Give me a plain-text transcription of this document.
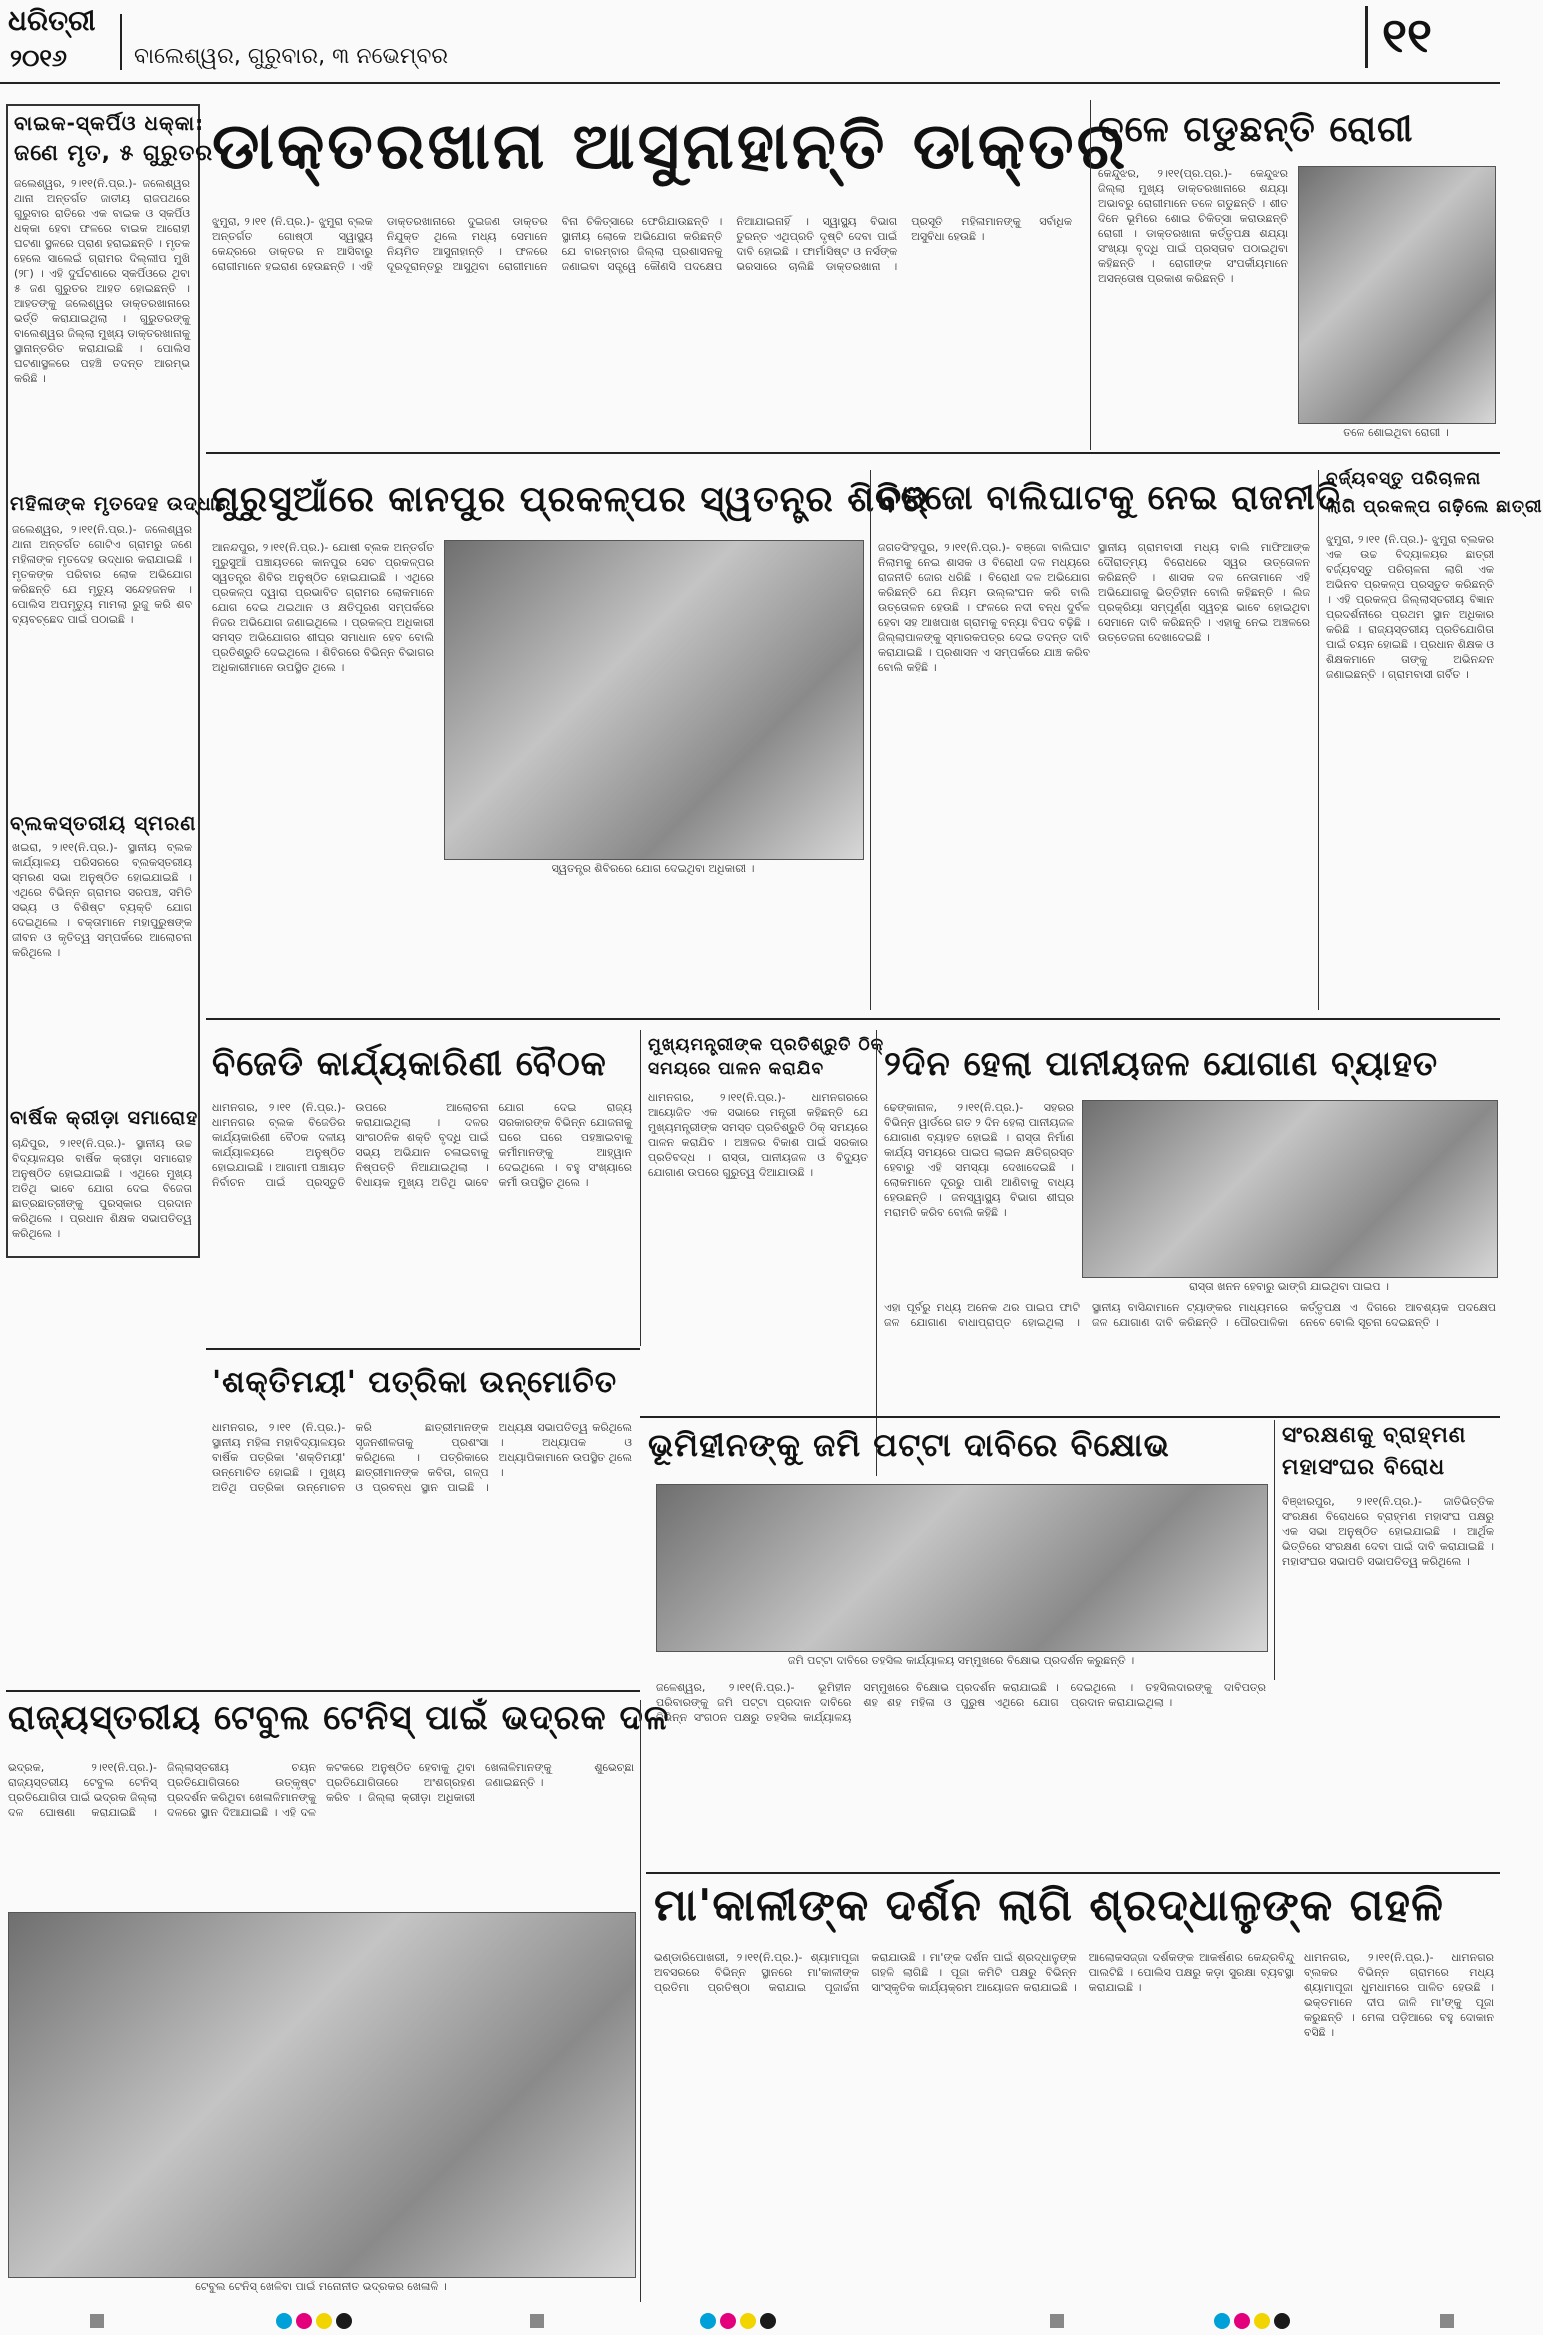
ଧରିତ୍ରୀ
୨୦୧୬	ବାଲେଶ୍ୱର, ଗୁରୁବାର, ୩ ନଭେମ୍ବର	୧୧
ବାଇକ-ସ୍କର୍ପିଓ ଧକ୍କା:
ଜଣେ ମୃତ, ୫ ଗୁରୁତର
ଜଲେଶ୍ୱର, ୨।୧୧(ନି.ପ୍ର.)- ଜଲେଶ୍ୱର ଥାନା ଅନ୍ତର୍ଗତ ଜାତୀୟ ରାଜପଥରେ ଗୁରୁବାର ରାତିରେ ଏକ ବାଇକ ଓ ସ୍କର୍ପିଓ ଧକ୍କା ହେବା ଫଳରେ ବାଇକ ଆରୋହୀ ଘଟଣା ସ୍ଥଳରେ ପ୍ରାଣ ହରାଇଛନ୍ତି । ମୃତକ ହେଲେ ସାଲେଇଁ ଗ୍ରାମର ଦିଲ୍ଲୀପ ମୁଖି (୨୮) । ଏହି ଦୁର୍ଘଟଣାରେ ସ୍କର୍ପିଓରେ ଥିବା ୫ ଜଣ ଗୁରୁତର ଆହତ ହୋଇଛନ୍ତି । ଆହତଙ୍କୁ ଜଲେଶ୍ୱର ଡାକ୍ତରଖାନାରେ ଭର୍ତ୍ତି କରାଯାଇଥିଲା । ଗୁରୁତରଙ୍କୁ ବାଲେଶ୍ୱର ଜିଲ୍ଲା ମୁଖ୍ୟ ଡାକ୍ତରଖାନାକୁ ସ୍ଥାନାନ୍ତରିତ କରାଯାଇଛି । ପୋଲିସ ଘଟଣାସ୍ଥଳରେ ପହଞ୍ଚି ତଦନ୍ତ ଆରମ୍ଭ କରିଛି ।
ମହିଳାଙ୍କ ମୃତଦେହ ଉଦ୍ଧାର
ଜଲେଶ୍ୱର, ୨।୧୧(ନି.ପ୍ର.)- ଜଲେଶ୍ୱର ଥାନା ଅନ୍ତର୍ଗତ ଗୋଟିଏ ଗ୍ରାମରୁ ଜଣେ ମହିଳାଙ୍କ ମୃତଦେହ ଉଦ୍ଧାର କରାଯାଇଛି । ମୃତକଙ୍କ ପରିବାର ଲୋକ ଅଭିଯୋଗ କରିଛନ୍ତି ଯେ ମୃତ୍ୟୁ ସନ୍ଦେହଜନକ । ପୋଲିସ ଅପମୃତ୍ୟୁ ମାମଲା ରୁଜୁ କରି ଶବ ବ୍ୟବଚ୍ଛେଦ ପାଇଁ ପଠାଇଛି ।
ବ୍ଲକସ୍ତରୀୟ ସ୍ମରଣ
ଖଇରା, ୨।୧୧(ନି.ପ୍ର.)- ସ୍ଥାନୀୟ ବ୍ଲକ କାର୍ଯ୍ୟାଳୟ ପରିସରରେ ବ୍ଲକସ୍ତରୀୟ ସ୍ମରଣ ସଭା ଅନୁଷ୍ଠିତ ହୋଇଯାଇଛି । ଏଥିରେ ବିଭିନ୍ନ ଗ୍ରାମର ସରପଞ୍ଚ, ସମିତି ସଭ୍ୟ ଓ ବିଶିଷ୍ଟ ବ୍ୟକ୍ତି ଯୋଗ ଦେଇଥିଲେ । ବକ୍ତାମାନେ ମହାପୁରୁଷଙ୍କ ଜୀବନ ଓ କୃତିତ୍ୱ ସମ୍ପର୍କରେ ଆଲୋଚନା କରିଥିଲେ ।
ବାର୍ଷିକ କ୍ରୀଡ଼ା ସମାରୋହ
ଚାନ୍ଦିପୁର, ୨।୧୧(ନି.ପ୍ର.)- ସ୍ଥାନୀୟ ଉଚ୍ଚ ବିଦ୍ୟାଳୟର ବାର୍ଷିକ କ୍ରୀଡ଼ା ସମାରୋହ ଅନୁଷ୍ଠିତ ହୋଇଯାଇଛି । ଏଥିରେ ମୁଖ୍ୟ ଅତିଥି ଭାବେ ଯୋଗ ଦେଇ ବିଜେତା ଛାତ୍ରଛାତ୍ରୀଙ୍କୁ ପୁରସ୍କାର ପ୍ରଦାନ କରିଥିଲେ । ପ୍ରଧାନ ଶିକ୍ଷକ ସଭାପତିତ୍ୱ କରିଥିଲେ ।
ଡାକ୍ତରଖାନା ଆସୁନାହାନ୍ତି ଡାକ୍ତର
ଝୁମୁରା, ୨।୧୧ (ନି.ପ୍ର.)- ଝୁମୁରା ବ୍ଲକ ଅନ୍ତର୍ଗତ ଗୋଷ୍ଠୀ ସ୍ୱାସ୍ଥ୍ୟ କେନ୍ଦ୍ରରେ ଡାକ୍ତର ନ ଆସିବାରୁ ରୋଗୀମାନେ ହଇରାଣ ହେଉଛନ୍ତି । ଏହି ଡାକ୍ତରଖାନାରେ ଦୁଇଜଣ ଡାକ୍ତର ନିଯୁକ୍ତ ଥିଲେ ମଧ୍ୟ ସେମାନେ ନିୟମିତ ଆସୁନାହାନ୍ତି । ଫଳରେ ଦୂରଦୂରାନ୍ତରୁ ଆସୁଥିବା ରୋଗୀମାନେ ବିନା ଚିକିତ୍ସାରେ ଫେରିଯାଉଛନ୍ତି । ସ୍ଥାନୀୟ ଲୋକେ ଅଭିଯୋଗ କରିଛନ୍ତି ଯେ ବାରମ୍ବାର ଜିଲ୍ଲା ପ୍ରଶାସନକୁ ଜଣାଇବା ସତ୍ତ୍ୱେ କୌଣସି ପଦକ୍ଷେପ ନିଆଯାଇନାହିଁ । ସ୍ୱାସ୍ଥ୍ୟ ବିଭାଗ ତୁରନ୍ତ ଏଥିପ୍ରତି ଦୃଷ୍ଟି ଦେବା ପାଇଁ ଦାବି ହୋଇଛି । ଫାର୍ମାସିଷ୍ଟ ଓ ନର୍ସଙ୍କ ଭରସାରେ ଚାଲିଛି ଡାକ୍ତରଖାନା । ପ୍ରସୂତି ମହିଳାମାନଙ୍କୁ ସର୍ବାଧିକ ଅସୁବିଧା ହେଉଛି ।
ତଳେ ଗଡୁଛନ୍ତି ରୋଗୀ
କେନ୍ଦୁଝର, ୨।୧୧(ପ୍ର.ପ୍ର.)- କେନ୍ଦୁଝର ଜିଲ୍ଲା ମୁଖ୍ୟ ଡାକ୍ତରଖାନାରେ ଶଯ୍ୟା ଅଭାବରୁ ରୋଗୀମାନେ ତଳେ ଗଡୁଛନ୍ତି । ଶୀତ ଦିନେ ଭୂମିରେ ଶୋଇ ଚିକିତ୍ସା କରାଉଛନ୍ତି ରୋଗୀ । ଡାକ୍ତରଖାନା କର୍ତ୍ତୃପକ୍ଷ ଶଯ୍ୟା ସଂଖ୍ୟା ବୃଦ୍ଧି ପାଇଁ ପ୍ରସ୍ତାବ ପଠାଇଥିବା କହିଛନ୍ତି । ରୋଗୀଙ୍କ ସଂପର୍କୀୟମାନେ ଅସନ୍ତୋଷ ପ୍ରକାଶ କରିଛନ୍ତି ।
ତଳେ ଶୋଇଥିବା ରୋଗୀ ।
ମୁରୁସୁଆଁରେ କାନପୁର ପ୍ରକଳ୍ପର ସ୍ୱତନ୍ତ୍ର ଶିବିର
ଆନନ୍ଦପୁର, ୨।୧୧(ନି.ପ୍ର.)- ଯୋଷୀ ବ୍ଲକ ଅନ୍ତର୍ଗତ ମୁରୁସୁଆଁ ପଞ୍ଚାୟତରେ କାନପୁର ସେଚ ପ୍ରକଳ୍ପର ସ୍ୱତନ୍ତ୍ର ଶିବିର ଅନୁଷ୍ଠିତ ହୋଇଯାଇଛି । ଏଥିରେ ପ୍ରକଳ୍ପ ଦ୍ୱାରା ପ୍ରଭାବିତ ଗ୍ରାମର ଲୋକମାନେ ଯୋଗ ଦେଇ ଥଇଥାନ ଓ କ୍ଷତିପୂରଣ ସମ୍ପର୍କରେ ନିଜର ଅଭିଯୋଗ ଜଣାଇଥିଲେ । ପ୍ରକଳ୍ପ ଅଧିକାରୀ ସମସ୍ତ ଅଭିଯୋଗର ଶୀଘ୍ର ସମାଧାନ ହେବ ବୋଲି ପ୍ରତିଶ୍ରୁତି ଦେଇଥିଲେ । ଶିବିରରେ ବିଭିନ୍ନ ବିଭାଗର ଅଧିକାରୀମାନେ ଉପସ୍ଥିତ ଥିଲେ ।
ସ୍ୱତନ୍ତ୍ର ଶିବିରରେ ଯୋଗ ଦେଇଥିବା ଅଧିକାରୀ ।
ବଞ୍ଜୋ ବାଲିଘାଟକୁ ନେଇ ରାଜନୀତି
ଜଗତସିଂହପୁର, ୨।୧୧(ନି.ପ୍ର.)- ବଞ୍ଜୋ ବାଲିଘାଟ ନିଲାମକୁ ନେଇ ଶାସକ ଓ ବିରୋଧୀ ଦଳ ମଧ୍ୟରେ ରାଜନୀତି ଜୋର ଧରିଛି । ବିରୋଧୀ ଦଳ ଅଭିଯୋଗ କରିଛନ୍ତି ଯେ ନିୟମ ଉଲ୍ଲଂଘନ କରି ବାଲି ଉତ୍ତୋଳନ ହେଉଛି । ଫଳରେ ନଦୀ ବନ୍ଧ ଦୁର୍ବଳ ହେବା ସହ ଆଖପାଖ ଗ୍ରାମକୁ ବନ୍ୟା ବିପଦ ବଢ଼ିଛି । ଜିଲ୍ଲାପାଳଙ୍କୁ ସ୍ମାରକପତ୍ର ଦେଇ ତଦନ୍ତ ଦାବି କରାଯାଇଛି । ପ୍ରଶାସନ ଏ ସମ୍ପର୍କରେ ଯାଞ୍ଚ କରିବ ବୋଲି କହିଛି ।
ସ୍ଥାନୀୟ ଗ୍ରାମବାସୀ ମଧ୍ୟ ବାଲି ମାଫିଆଙ୍କ ଦୌରାତ୍ମ୍ୟ ବିରୋଧରେ ସ୍ୱର ଉତ୍ତୋଳନ କରିଛନ୍ତି । ଶାସକ ଦଳ ନେତାମାନେ ଏହି ଅଭିଯୋଗକୁ ଭିତ୍ତିହୀନ ବୋଲି କହିଛନ୍ତି । ଲିଜ ପ୍ରକ୍ରିୟା ସମ୍ପୂର୍ଣ୍ଣ ସ୍ୱଚ୍ଛ ଭାବେ ହୋଇଥିବା ସେମାନେ ଦାବି କରିଛନ୍ତି । ଏହାକୁ ନେଇ ଅଞ୍ଚଳରେ ଉତ୍ତେଜନା ଦେଖାଦେଇଛି ।
ବର୍ଜ୍ୟବସ୍ତୁ ପରିଚାଳନା
ଲାଗି ପ୍ରକଳ୍ପ ଗଢ଼ିଲେ ଛାତ୍ରୀ
ଝୁମୁରା, ୨।୧୧ (ନି.ପ୍ର.)- ଝୁମୁରା ବ୍ଲକର ଏକ ଉଚ୍ଚ ବିଦ୍ୟାଳୟର ଛାତ୍ରୀ ବର୍ଜ୍ୟବସ୍ତୁ ପରିଚାଳନା ଲାଗି ଏକ ଅଭିନବ ପ୍ରକଳ୍ପ ପ୍ରସ୍ତୁତ କରିଛନ୍ତି । ଏହି ପ୍ରକଳ୍ପ ଜିଲ୍ଲାସ୍ତରୀୟ ବିଜ୍ଞାନ ପ୍ରଦର୍ଶନୀରେ ପ୍ରଥମ ସ୍ଥାନ ଅଧିକାର କରିଛି । ରାଜ୍ୟସ୍ତରୀୟ ପ୍ରତିଯୋଗିତା ପାଇଁ ଚୟନ ହୋଇଛି । ପ୍ରଧାନ ଶିକ୍ଷକ ଓ ଶିକ୍ଷକମାନେ ତାଙ୍କୁ ଅଭିନନ୍ଦନ ଜଣାଇଛନ୍ତି । ଗ୍ରାମବାସୀ ଗର୍ବିତ ।
ବିଜେଡି କାର୍ଯ୍ୟକାରିଣୀ ବୈଠକ
ଧାମନଗର, ୨।୧୧ (ନି.ପ୍ର.)- ଧାମନଗର ବ୍ଲକ ବିଜେଡିର କାର୍ଯ୍ୟକାରିଣୀ ବୈଠକ ଦଳୀୟ କାର୍ଯ୍ୟାଳୟରେ ଅନୁଷ୍ଠିତ ହୋଇଯାଇଛି । ଆଗାମୀ ପଞ୍ଚାୟତ ନିର୍ବାଚନ ପାଇଁ ପ୍ରସ୍ତୁତି ଉପରେ ଆଲୋଚନା କରାଯାଇଥିଲା । ଦଳର ସାଂଗଠନିକ ଶକ୍ତି ବୃଦ୍ଧି ପାଇଁ ସଭ୍ୟ ଅଭିଯାନ ଚଳାଇବାକୁ ନିଷ୍ପତ୍ତି ନିଆଯାଇଥିଲା । ବିଧାୟକ ମୁଖ୍ୟ ଅତିଥି ଭାବେ ଯୋଗ ଦେଇ ରାଜ୍ୟ ସରକାରଙ୍କ ବିଭିନ୍ନ ଯୋଜନାକୁ ଘରେ ଘରେ ପହଞ୍ଚାଇବାକୁ କର୍ମୀମାନଙ୍କୁ ଆହ୍ୱାନ ଦେଇଥିଲେ । ବହୁ ସଂଖ୍ୟାରେ କର୍ମୀ ଉପସ୍ଥିତ ଥିଲେ ।
ମୁଖ୍ୟମନ୍ତ୍ରୀଙ୍କ ପ୍ରତିଶ୍ରୁତି ଠିକ୍
ସମୟରେ ପାଳନ କରାଯିବ
ଧାମନଗର, ୨।୧୧(ନି.ପ୍ର.)- ଧାମନଗରରେ ଆୟୋଜିତ ଏକ ସଭାରେ ମନ୍ତ୍ରୀ କହିଛନ୍ତି ଯେ ମୁଖ୍ୟମନ୍ତ୍ରୀଙ୍କ ସମସ୍ତ ପ୍ରତିଶ୍ରୁତି ଠିକ୍ ସମୟରେ ପାଳନ କରାଯିବ । ଅଞ୍ଚଳର ବିକାଶ ପାଇଁ ସରକାର ପ୍ରତିବଦ୍ଧ । ରାସ୍ତା, ପାନୀୟଜଳ ଓ ବିଦ୍ୟୁତ ଯୋଗାଣ ଉପରେ ଗୁରୁତ୍ୱ ଦିଆଯାଉଛି ।
୨ଦିନ ହେଲା ପାନୀୟଜଳ ଯୋଗାଣ ବ୍ୟାହତ
ଢେଙ୍କାନାଳ, ୨।୧୧(ନି.ପ୍ର.)- ସହରର ବିଭିନ୍ନ ୱାର୍ଡରେ ଗତ ୨ ଦିନ ହେଲା ପାନୀୟଜଳ ଯୋଗାଣ ବ୍ୟାହତ ହୋଇଛି । ରାସ୍ତା ନିର୍ମାଣ କାର୍ଯ୍ୟ ସମୟରେ ପାଇପ ଲାଇନ କ୍ଷତିଗ୍ରସ୍ତ ହେବାରୁ ଏହି ସମସ୍ୟା ଦେଖାଦେଇଛି । ଲୋକମାନେ ଦୂରରୁ ପାଣି ଆଣିବାକୁ ବାଧ୍ୟ ହେଉଛନ୍ତି । ଜନସ୍ୱାସ୍ଥ୍ୟ ବିଭାଗ ଶୀଘ୍ର ମରାମତି କରିବ ବୋଲି କହିଛି ।
ରାସ୍ତା ଖନନ ହେବାରୁ ଭାଙ୍ଗି ଯାଇଥିବା ପାଇପ ।
ଏହା ପୂର୍ବରୁ ମଧ୍ୟ ଅନେକ ଥର ପାଇପ ଫାଟି ଜଳ ଯୋଗାଣ ବାଧାପ୍ରାପ୍ତ ହୋଇଥିଲା । ସ୍ଥାନୀୟ ବାସିନ୍ଦାମାନେ ଟ୍ୟାଙ୍କର ମାଧ୍ୟମରେ ଜଳ ଯୋଗାଣ ଦାବି କରିଛନ୍ତି । ପୌରପାଳିକା କର୍ତ୍ତୃପକ୍ଷ ଏ ଦିଗରେ ଆବଶ୍ୟକ ପଦକ୍ଷେପ ନେବେ ବୋଲି ସୂଚନା ଦେଇଛନ୍ତି ।
'ଶକ୍ତିମୟୀ' ପତ୍ରିକା ଉନ୍ମୋଚିତ
ଧାମନଗର, ୨।୧୧ (ନି.ପ୍ର.)- ସ୍ଥାନୀୟ ମହିଳା ମହାବିଦ୍ୟାଳୟର ବାର୍ଷିକ ପତ୍ରିକା 'ଶକ୍ତିମୟୀ' ଉନ୍ମୋଚିତ ହୋଇଛି । ମୁଖ୍ୟ ଅତିଥି ପତ୍ରିକା ଉନ୍ମୋଚନ କରି ଛାତ୍ରୀମାନଙ୍କ ସୃଜନଶୀଳତାକୁ ପ୍ରଶଂସା କରିଥିଲେ । ପତ୍ରିକାରେ ଛାତ୍ରୀମାନଙ୍କ କବିତା, ଗଳ୍ପ ଓ ପ୍ରବନ୍ଧ ସ୍ଥାନ ପାଇଛି । ଅଧ୍ୟକ୍ଷ ସଭାପତିତ୍ୱ କରିଥିଲେ । ଅଧ୍ୟାପକ ଓ ଅଧ୍ୟାପିକାମାନେ ଉପସ୍ଥିତ ଥିଲେ ।
ଭୂମିହୀନଙ୍କୁ ଜମି ପଟ୍ଟା ଦାବିରେ ବିକ୍ଷୋଭ
ଜମି ପଟ୍ଟା ଦାବିରେ ତହସିଲ କାର୍ଯ୍ୟାଳୟ ସମ୍ମୁଖରେ ବିକ୍ଷୋଭ ପ୍ରଦର୍ଶନ କରୁଛନ୍ତି ।
ସଂରକ୍ଷଣକୁ ବ୍ରାହ୍ମଣ
ମହାସଂଘର ବିରୋଧ
ବିଞ୍ଝାରପୁର, ୨।୧୧(ନି.ପ୍ର.)- ଜାତିଭିତ୍ତିକ ସଂରକ୍ଷଣ ବିରୋଧରେ ବ୍ରାହ୍ମଣ ମହାସଂଘ ପକ୍ଷରୁ ଏକ ସଭା ଅନୁଷ୍ଠିତ ହୋଇଯାଇଛି । ଆର୍ଥିକ ଭିତ୍ତିରେ ସଂରକ୍ଷଣ ଦେବା ପାଇଁ ଦାବି କରାଯାଇଛି । ମହାସଂଘର ସଭାପତି ସଭାପତିତ୍ୱ କରିଥିଲେ ।
ଜଳେଶ୍ୱର, ୨।୧୧(ନି.ପ୍ର.)- ଭୂମିହୀନ ପରିବାରଙ୍କୁ ଜମି ପଟ୍ଟା ପ୍ରଦାନ ଦାବିରେ ବିଭିନ୍ନ ସଂଗଠନ ପକ୍ଷରୁ ତହସିଲ କାର୍ଯ୍ୟାଳୟ ସମ୍ମୁଖରେ ବିକ୍ଷୋଭ ପ୍ରଦର୍ଶନ କରାଯାଇଛି । ଶହ ଶହ ମହିଳା ଓ ପୁରୁଷ ଏଥିରେ ଯୋଗ ଦେଇଥିଲେ । ତହସିଲଦାରଙ୍କୁ ଦାବିପତ୍ର ପ୍ରଦାନ କରାଯାଇଥିଲା ।
ରାଜ୍ୟସ୍ତରୀୟ ଟେବୁଲ ଟେନିସ୍ ପାଇଁ ଭଦ୍ରକ ଦଳ
ଭଦ୍ରକ, ୨।୧୧(ନି.ପ୍ର.)- ରାଜ୍ୟସ୍ତରୀୟ ଟେବୁଲ ଟେନିସ୍ ପ୍ରତିଯୋଗିତା ପାଇଁ ଭଦ୍ରକ ଜିଲ୍ଲା ଦଳ ଘୋଷଣା କରାଯାଇଛି । ଜିଲ୍ଲାସ୍ତରୀୟ ଚୟନ ପ୍ରତିଯୋଗିତାରେ ଉତ୍କୃଷ୍ଟ ପ୍ରଦର୍ଶନ କରିଥିବା ଖେଳାଳିମାନଙ୍କୁ ଦଳରେ ସ୍ଥାନ ଦିଆଯାଇଛି । ଏହି ଦଳ କଟକରେ ଅନୁଷ୍ଠିତ ହେବାକୁ ଥିବା ପ୍ରତିଯୋଗିତାରେ ଅଂଶଗ୍ରହଣ କରିବ । ଜିଲ୍ଲା କ୍ରୀଡ଼ା ଅଧିକାରୀ ଖେଳାଳିମାନଙ୍କୁ ଶୁଭେଚ୍ଛା ଜଣାଇଛନ୍ତି ।
ଟେବୁଲ ଟେନିସ୍ ଖେଳିବା ପାଇଁ ମନୋନୀତ ଭଦ୍ରକର ଖେଳାଳି ।
ମା'କାଳୀଙ୍କ ଦର୍ଶନ ଲାଗି ଶ୍ରଦ୍ଧାଳୁଙ୍କ ଗହଳି
ଭଣ୍ଡାରିପୋଖରୀ, ୨।୧୧(ନି.ପ୍ର.)- ଶ୍ୟାମାପୂଜା ଅବସରରେ ବିଭିନ୍ନ ସ୍ଥାନରେ ମା'କାଳୀଙ୍କ ପ୍ରତିମା ପ୍ରତିଷ୍ଠା କରାଯାଇ ପୂଜାର୍ଚ୍ଚନା କରାଯାଉଛି । ମା'ଙ୍କ ଦର୍ଶନ ପାଇଁ ଶ୍ରଦ୍ଧାଳୁଙ୍କ ଗହଳି ଲାଗିଛି । ପୂଜା କମିଟି ପକ୍ଷରୁ ବିଭିନ୍ନ ସାଂସ୍କୃତିକ କାର୍ଯ୍ୟକ୍ରମ ଆୟୋଜନ କରାଯାଇଛି । ଆଲୋକସଜ୍ଜା ଦର୍ଶକଙ୍କ ଆକର୍ଷଣର କେନ୍ଦ୍ରବିନ୍ଦୁ ପାଲଟିଛି । ପୋଲିସ ପକ୍ଷରୁ କଡ଼ା ସୁରକ୍ଷା ବ୍ୟବସ୍ଥା କରାଯାଇଛି ।
ଧାମନଗର, ୨।୧୧(ନି.ପ୍ର.)- ଧାମନଗର ବ୍ଲକର ବିଭିନ୍ନ ଗ୍ରାମରେ ମଧ୍ୟ ଶ୍ୟାମାପୂଜା ଧୁମଧାମରେ ପାଳିତ ହେଉଛି । ଭକ୍ତମାନେ ଦୀପ ଜାଳି ମା'ଙ୍କୁ ପୂଜା କରୁଛନ୍ତି । ମେଳା ପଡ଼ିଆରେ ବହୁ ଦୋକାନ ବସିଛି ।
